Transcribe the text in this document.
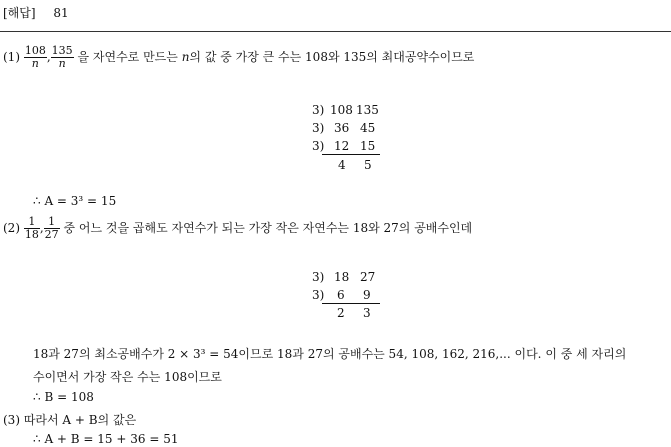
[해답] 81
$(1) \frac{108}{n}$ , $\frac{135}{n}$ 을 자연수로 만드는 n의 값 중 가장 큰 수는 108와 135의 최대공약수이므로
3) 108 135
3) 36 45
3) 12 15
4 5
∴ A = 3³ = 15
$(2) \frac{1}{18}$ , $\frac{1}{27}$ 중 어느 것을 곱해도 자연수가 되는 가장 작은 자연수는 18와 27의 공배수인데
3) 18 27
3) 6 9
2 3
18과 27의 최소공배수가 2 × 3³ = 54이므로 18과 27의 공배수는 54, 108, 162, 216,... 이다. 이 중 세 자리의
수이면서 가장 작은 수는 108이므로
∴ B = 108
(3) 따라서 A + B의 값은
∴ A + B = 15 + 36 = 51
